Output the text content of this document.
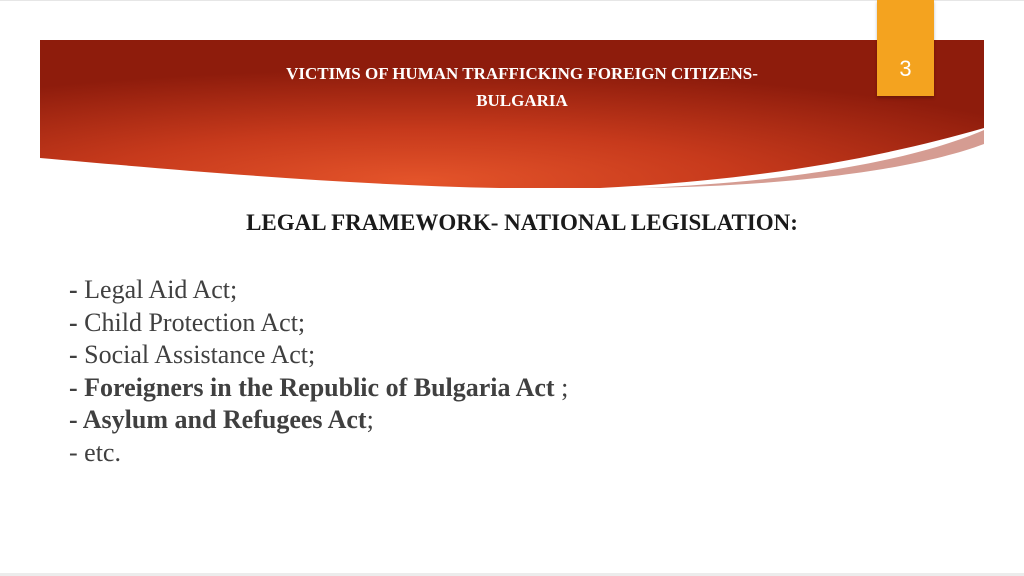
VICTIMS OF HUMAN TRAFFICKING FOREIGN CITIZENS-
BULGARIA
3
LEGAL FRAMEWORK- NATIONAL LEGISLATION:
- Legal Aid Act;
- Child Protection Act;
- Social Assistance Act;
- Foreigners in the Republic of Bulgaria Act ;
- Asylum and Refugees Act;
- etc.
